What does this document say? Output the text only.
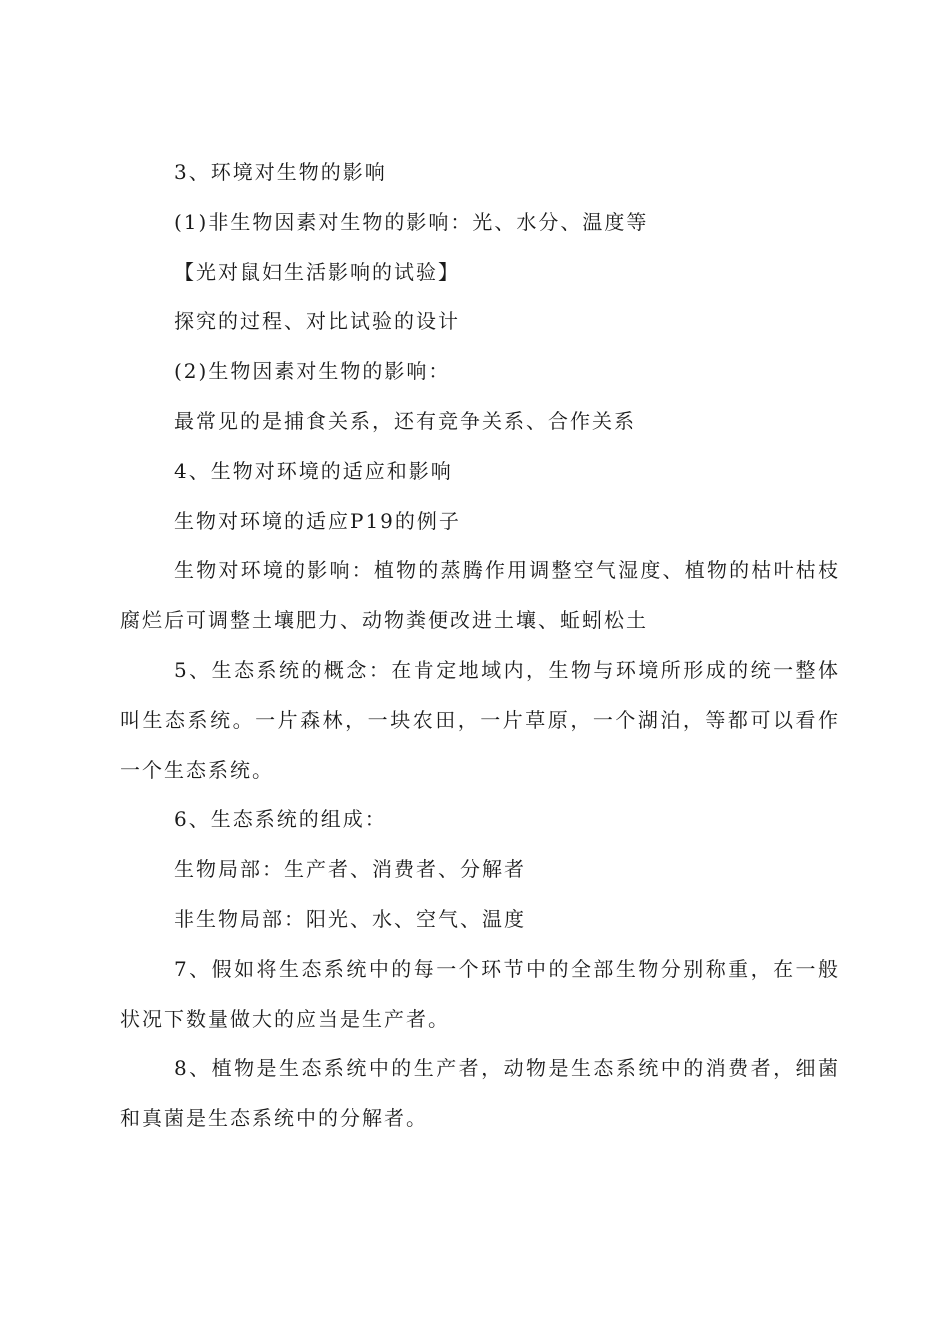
3、环境对生物的影响

(1)非生物因素对生物的影响：光、水分、温度等

【光对鼠妇生活影响的试验】

探究的过程、对比试验的设计

(2)生物因素对生物的影响：

最常见的是捕食关系，还有竞争关系、合作关系

4、生物对环境的适应和影响

生物对环境的适应P19的例子

生物对环境的影响：植物的蒸腾作用调整空气湿度、植物的枯叶枯枝腐烂后可调整土壤肥力、动物粪便改进土壤、蚯蚓松土

5、生态系统的概念：在肯定地域内，生物与环境所形成的统一整体叫生态系统。一片森林，一块农田，一片草原，一个湖泊，等都可以看作一个生态系统。

6、生态系统的组成：

生物局部：生产者、消费者、分解者

非生物局部：阳光、水、空气、温度

7、假如将生态系统中的每一个环节中的全部生物分别称重，在一般状况下数量做大的应当是生产者。

8、植物是生态系统中的生产者，动物是生态系统中的消费者，细菌和真菌是生态系统中的分解者。
